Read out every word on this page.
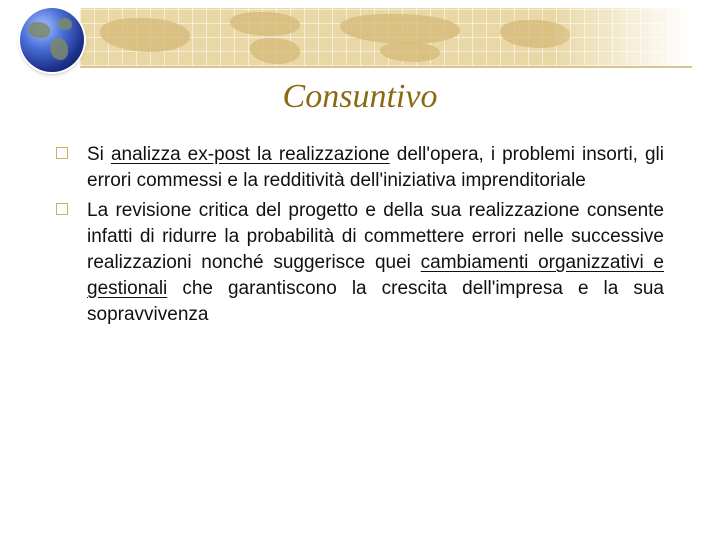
Consuntivo
Si analizza ex-post la realizzazione dell'opera, i problemi insorti, gli errori commessi e la redditività dell'iniziativa imprenditoriale
La revisione critica del progetto e della sua realizzazione consente infatti di ridurre la probabilità di commettere errori nelle successive realizzazioni nonché suggerisce quei cambiamenti organizzativi e gestionali che garantiscono la crescita dell'impresa e la sua sopravvivenza
